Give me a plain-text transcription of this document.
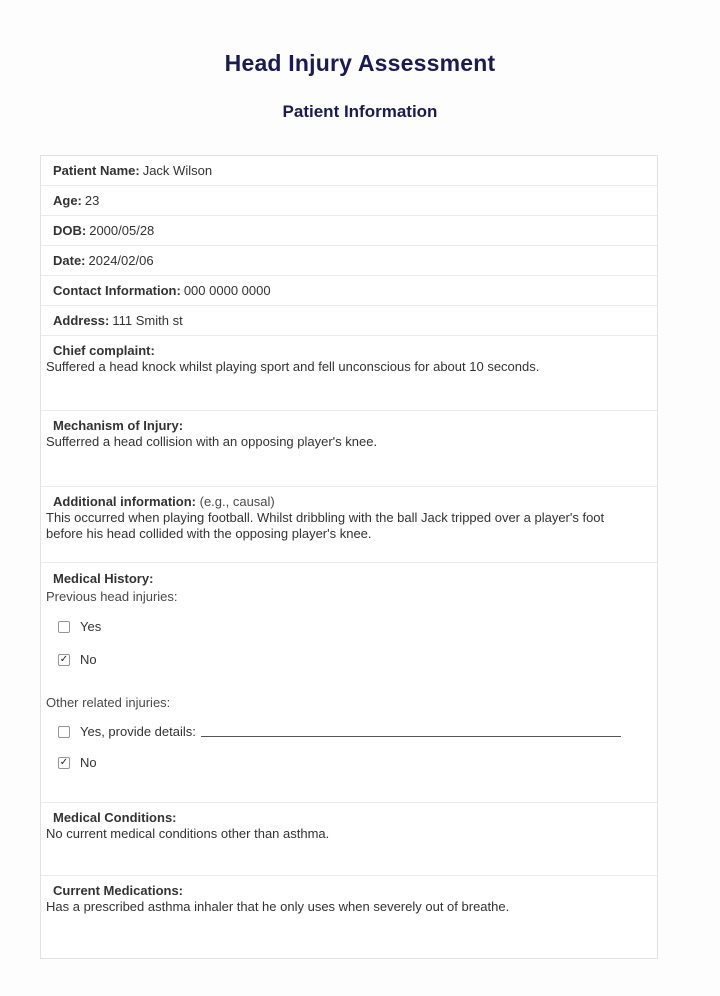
Head Injury Assessment
Patient Information
Patient Name: Jack Wilson
Age: 23
DOB: 2000/05/28
Date: 2024/02/06
Contact Information: 000 0000 0000
Address: 111 Smith st
Chief complaint:
Suffered a head knock whilst playing sport and fell unconscious for about 10 seconds.
Mechanism of Injury:
Sufferred a head collision with an opposing player's knee.
Additional information: (e.g., causal)
This occurred when playing football. Whilst dribbling with the ball Jack tripped over a player's foot before his head collided with the opposing player's knee.
Medical History:
Previous head injuries:
Yes
✓ No
Other related injuries:
Yes, provide details:
✓ No
Medical Conditions:
No current medical conditions other than asthma.
Current Medications:
Has a prescribed asthma inhaler that he only uses when severely out of breathe.
